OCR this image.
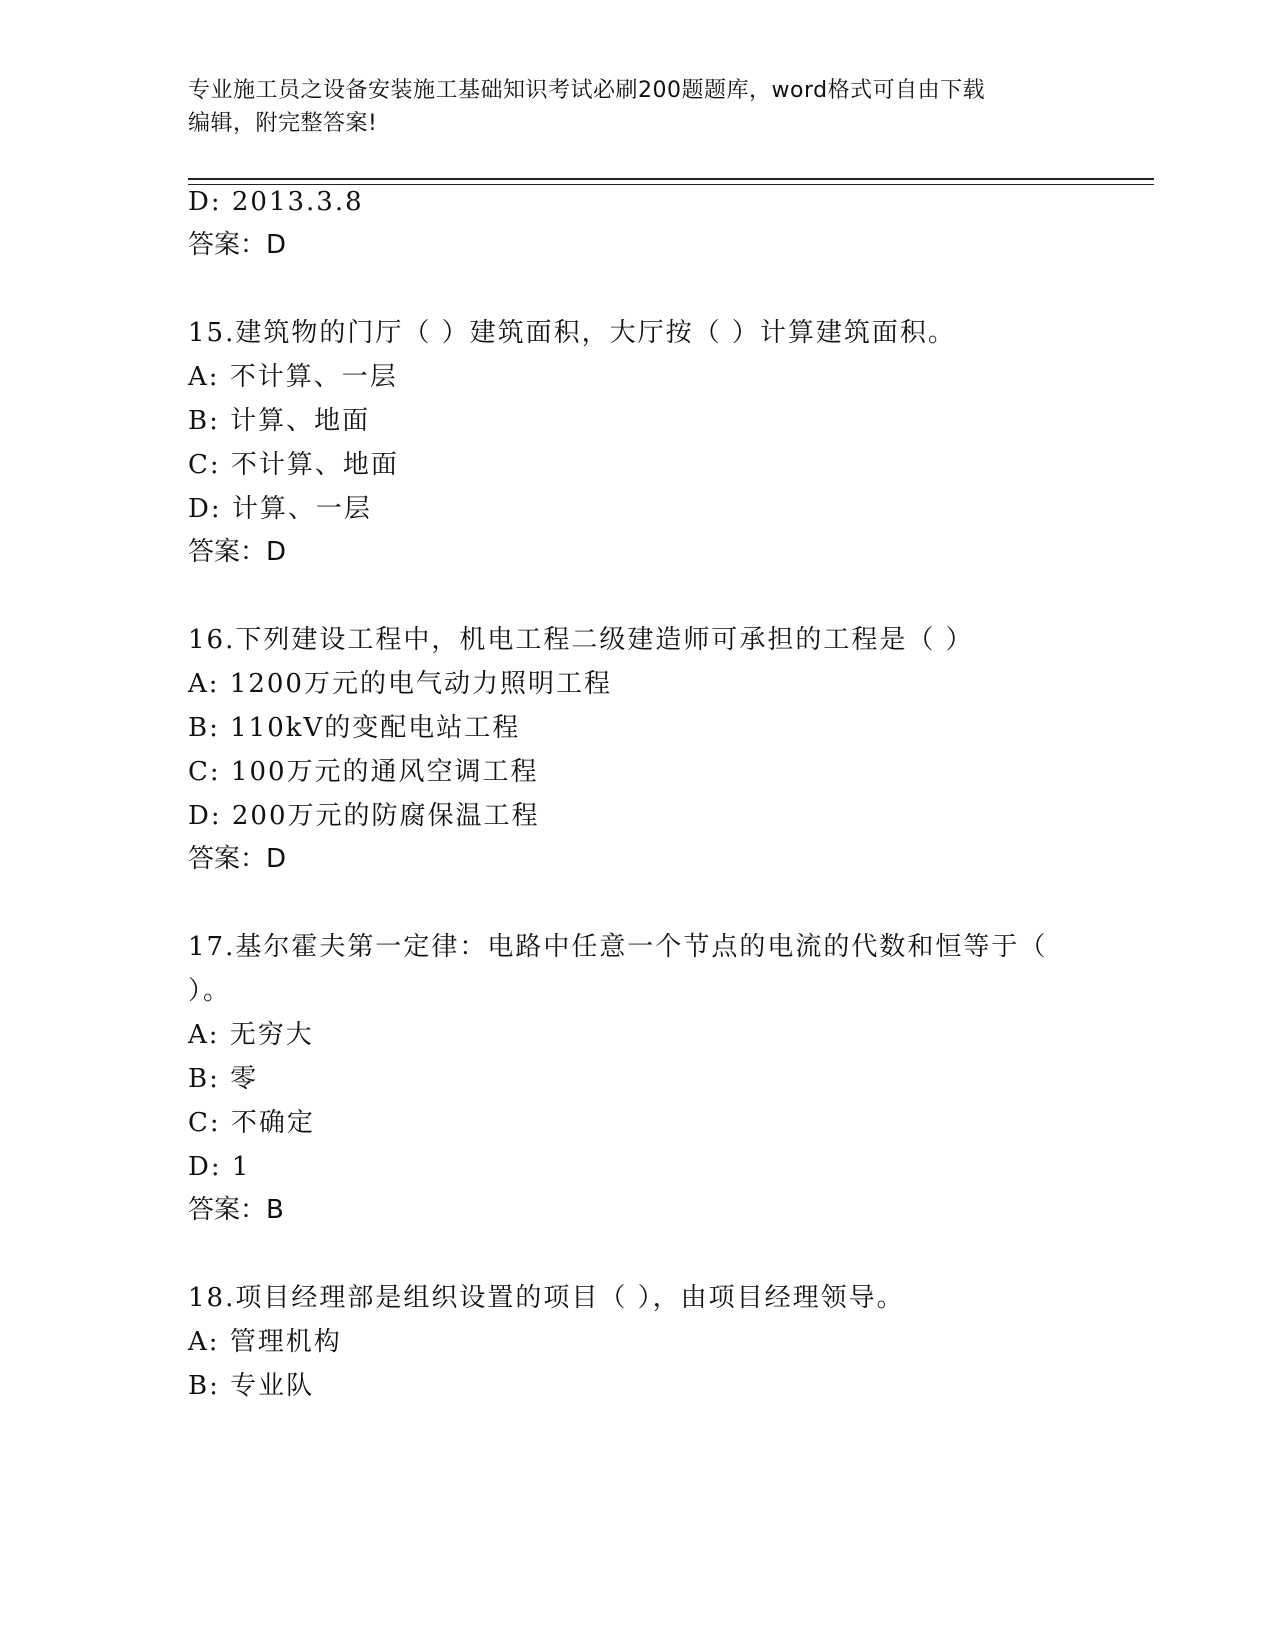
专业施工员之设备安装施工基础知识考试必刷200题题库，word格式可自由下载
编辑，附完整答案!
D: 2013.3.8
答案：D
15.建筑物的门厅（ ）建筑面积，大厅按（ ）计算建筑面积。
A: 不计算、一层
B: 计算、地面
C: 不计算、地面
D: 计算、一层
答案：D
16.下列建设工程中，机电工程二级建造师可承担的工程是（ ）
A: 1200万元的电气动力照明工程
B: 110kV的变配电站工程
C: 100万元的通风空调工程
D: 200万元的防腐保温工程
答案：D
17.基尔霍夫第一定律：电路中任意一个节点的电流的代数和恒等于（
）。
A: 无穷大
B: 零
C: 不确定
D: 1
答案：B
18.项目经理部是组织设置的项目（ ），由项目经理领导。
A: 管理机构
B: 专业队
